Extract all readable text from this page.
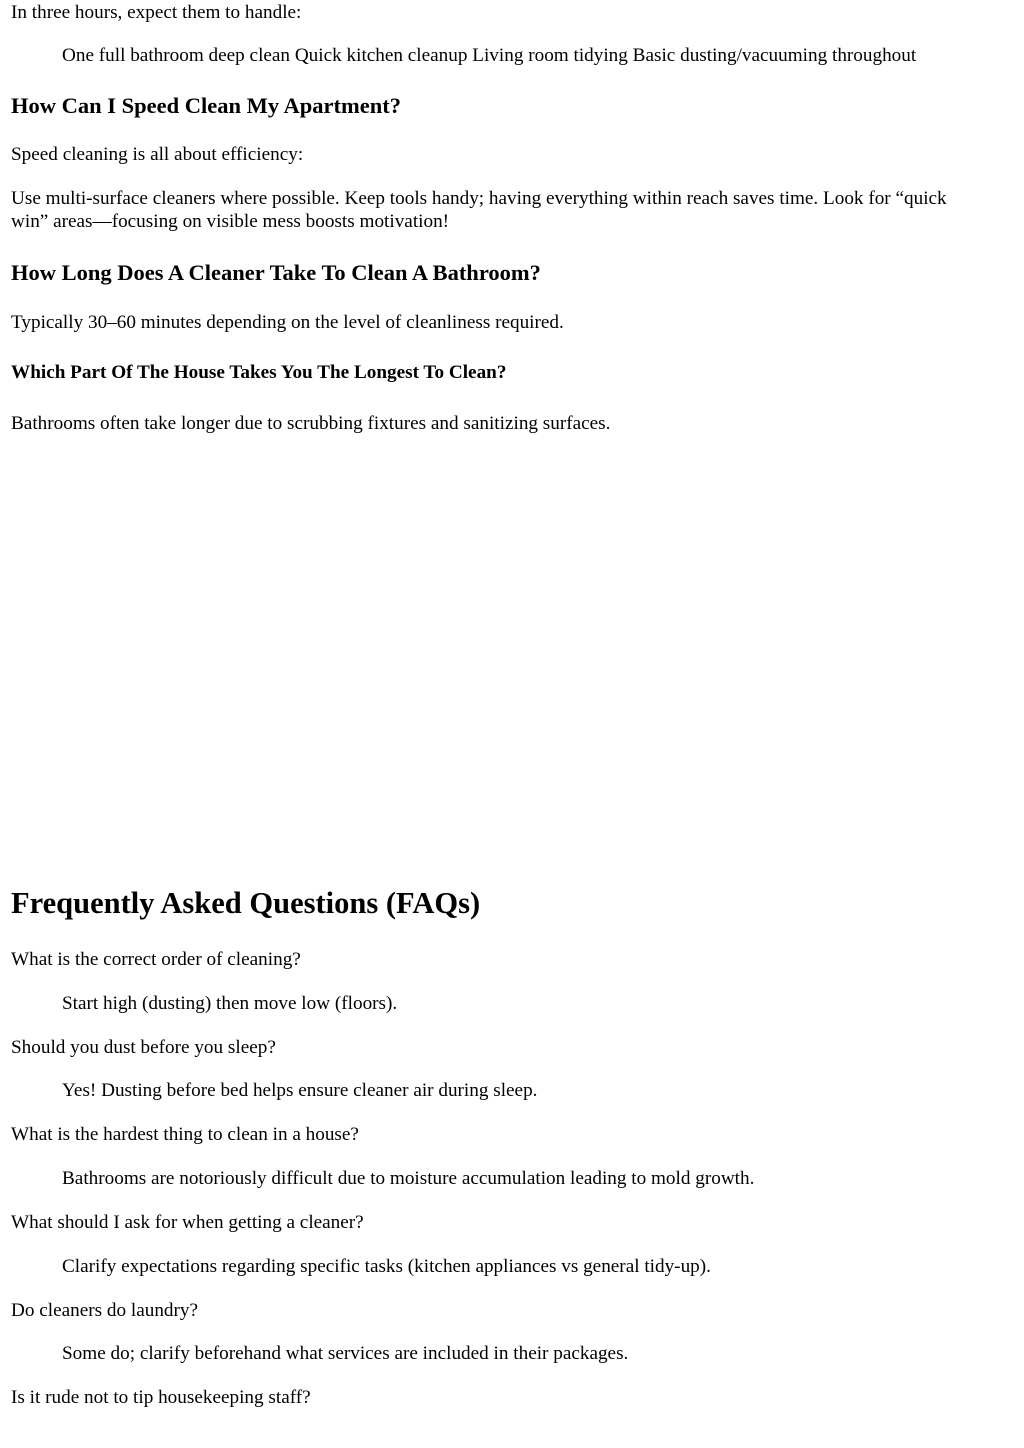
In three hours, expect them to handle:

One full bathroom deep clean Quick kitchen cleanup Living room tidying Basic dusting/vacuuming throughout

How Can I Speed Clean My Apartment?

Speed cleaning is all about efficiency:

Use multi-surface cleaners where possible. Keep tools handy; having everything within reach saves time. Look for “quick win” areas—focusing on visible mess boosts motivation!

How Long Does A Cleaner Take To Clean A Bathroom?

Typically 30–60 minutes depending on the level of cleanliness required.

Which Part Of The House Takes You The Longest To Clean?

Bathrooms often take longer due to scrubbing fixtures and sanitizing surfaces.

Frequently Asked Questions (FAQs)

What is the correct order of cleaning?

Start high (dusting) then move low (floors).

Should you dust before you sleep?

Yes! Dusting before bed helps ensure cleaner air during sleep.

What is the hardest thing to clean in a house?

Bathrooms are notoriously difficult due to moisture accumulation leading to mold growth.

What should I ask for when getting a cleaner?

Clarify expectations regarding specific tasks (kitchen appliances vs general tidy-up).

Do cleaners do laundry?

Some do; clarify beforehand what services are included in their packages.

Is it rude not to tip housekeeping staff?
